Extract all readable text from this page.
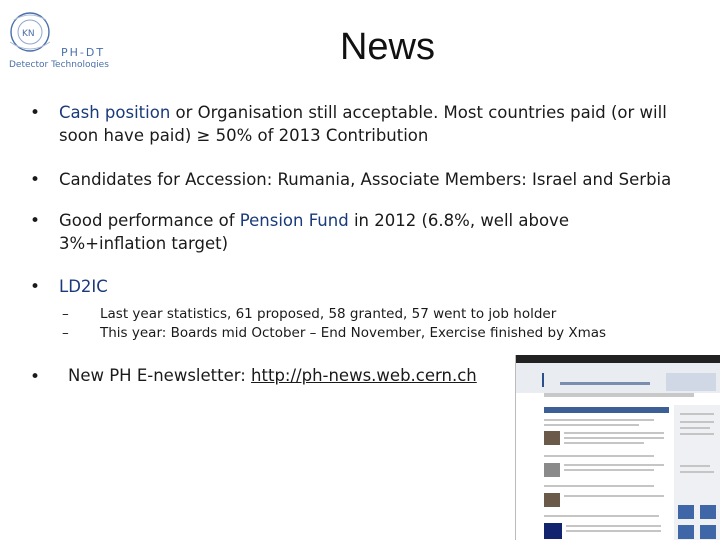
KN
PH-DT
Detector Technologies	News
• Cash position or Organisation still acceptable. Most countries paid (or will soon have paid) ≥ 50% of 2013 Contribution
• Candidates for Accession: Rumania, Associate Members: Israel and Serbia
• Good performance of Pension Fund in 2012 (6.8%, well above 3%+inflation target)
• LD2IC
– Last year statistics, 61 proposed, 58 granted, 57 went to job holder
– This year: Boards mid October – End November, Exercise finished by Xmas
• New PH E-newsletter: http://ph-news.web.cern.ch
